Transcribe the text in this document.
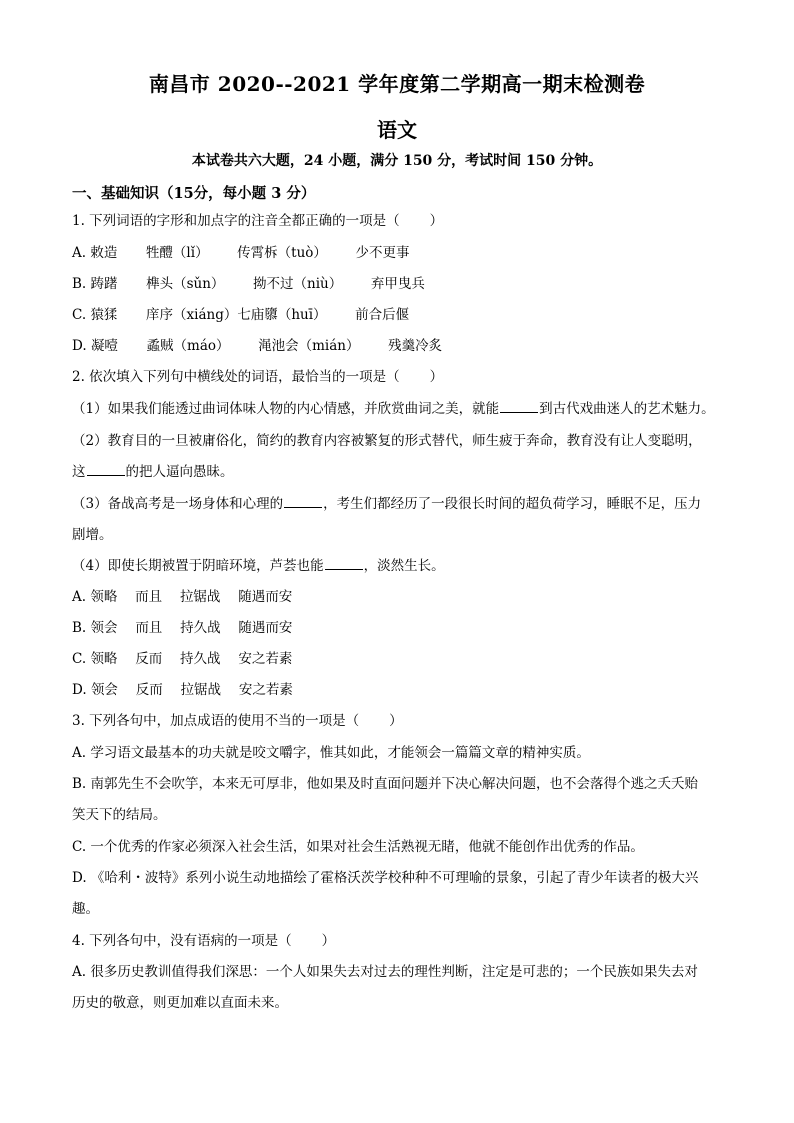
南昌市 2020--2021 学年度第二学期高一期末检测卷
语文
本试卷共六大题，24 小题，满分 150 分，考试时间 150 分钟。
一、基础知识（15分，每小题 3 分）
1. 下列词语的字形和加点字的注音全都正确的一项是（ ）
A. 敕造 牲醴（lǐ） 传霄柝（tuò） 少不更事
B. 踌躇 榫头（sǔn） 拗不过（niù） 弃甲曳兵
C. 猿猱 庠序（xiáng）七庙隳（huī） 前合后偃
D. 凝噎 蟊贼（máo） 渑池会（mián） 残羹冷炙
2. 依次填入下列句中横线处的词语，最恰当的一项是（ ）
（1）如果我们能透过曲词体味人物的内心情感，并欣赏曲词之美，就能	到古代戏曲迷人的艺术魅力。
（2）教育目的一旦被庸俗化，简约的教育内容被繁复的形式替代，师生疲于奔命，教育没有让人变聪明，
这	的把人逼向愚昧。
（3）备战高考是一场身体和心理的	，考生们都经历了一段很长时间的超负荷学习，睡眠不足，压力
剧增。
（4）即使长期被置于阴暗环境，芦荟也能	，淡然生长。
A. 领略 而且 拉锯战 随遇而安
B. 领会 而且 持久战 随遇而安
C. 领略 反而 持久战 安之若素
D. 领会 反而 拉锯战 安之若素
3. 下列各句中，加点成语的使用不当的一项是（ ）
A. 学习语文最基本的功夫就是咬文嚼字，惟其如此，才能领会一篇篇文章的精神实质。
B. 南郭先生不会吹竽，本来无可厚非，他如果及时直面问题并下决心解决问题，也不会落得个逃之夭夭贻
笑天下的结局。
C. 一个优秀的作家必须深入社会生活，如果对社会生活熟视无睹，他就不能创作出优秀的作品。
D. 《哈利・波特》系列小说生动地描绘了霍格沃茨学校种种不可理喻的景象，引起了青少年读者的极大兴
趣。
4. 下列各句中，没有语病的一项是（ ）
A. 很多历史教训值得我们深思：一个人如果失去对过去的理性判断，注定是可悲的；一个民族如果失去对
历史的敬意，则更加难以直面未来。
